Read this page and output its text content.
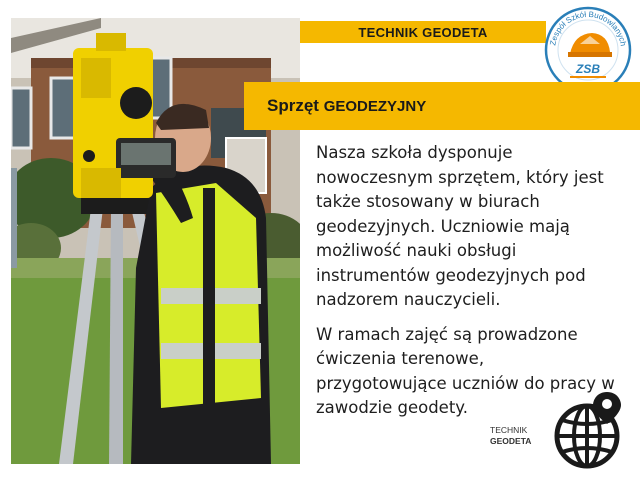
TECHNIK GEODETA
Zespół Szkół Budowlanych
ZSB
Sprzęt GEODEZYJNY

Nasza szkoła dysponuje nowoczesnym sprzętem, który jest także stosowany w biurach geodezyjnych. Uczniowie mają możliwość nauki obsługi instrumentów geodezyjnych pod nadzorem nauczycieli.

W ramach zajęć są prowadzone ćwiczenia terenowe, przygotowujące uczniów do pracy w zawodzie geodety.

TECHNIK
GEODETA
